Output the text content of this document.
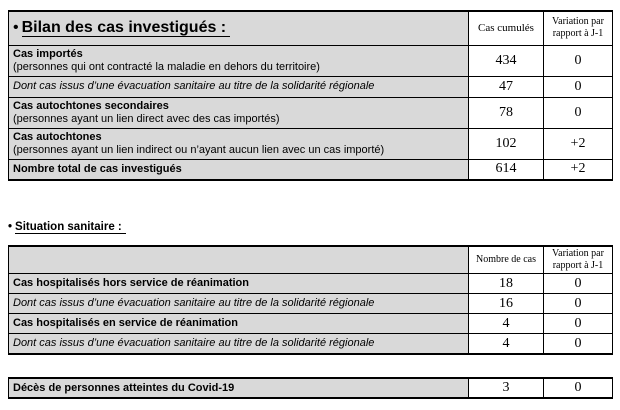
• Bilan des cas investigués :	Cas cumulés	Variation par rapport à J-1

Cas importés
(personnes qui ont contracté la maladie en dehors du territoire)	434	0

Dont cas issus d’une évacuation sanitaire au titre de la solidarité régionale	47	0

Cas autochtones secondaires
(personnes ayant un lien direct avec des cas importés)	78	0

Cas autochtones
(personnes ayant un lien indirect ou n’ayant aucun lien avec un cas importé)	102	+2

Nombre total de cas investigués	614	+2
• Situation sanitaire :
	Nombre de cas	Variation par rapport à J-1

Cas hospitalisés hors service de réanimation	18	0

Dont cas issus d’une évacuation sanitaire au titre de la solidarité régionale	16	0

Cas hospitalisés en service de réanimation	4	0

Dont cas issus d’une évacuation sanitaire au titre de la solidarité régionale	4	0
Décès de personnes atteintes du Covid-19	3	0
